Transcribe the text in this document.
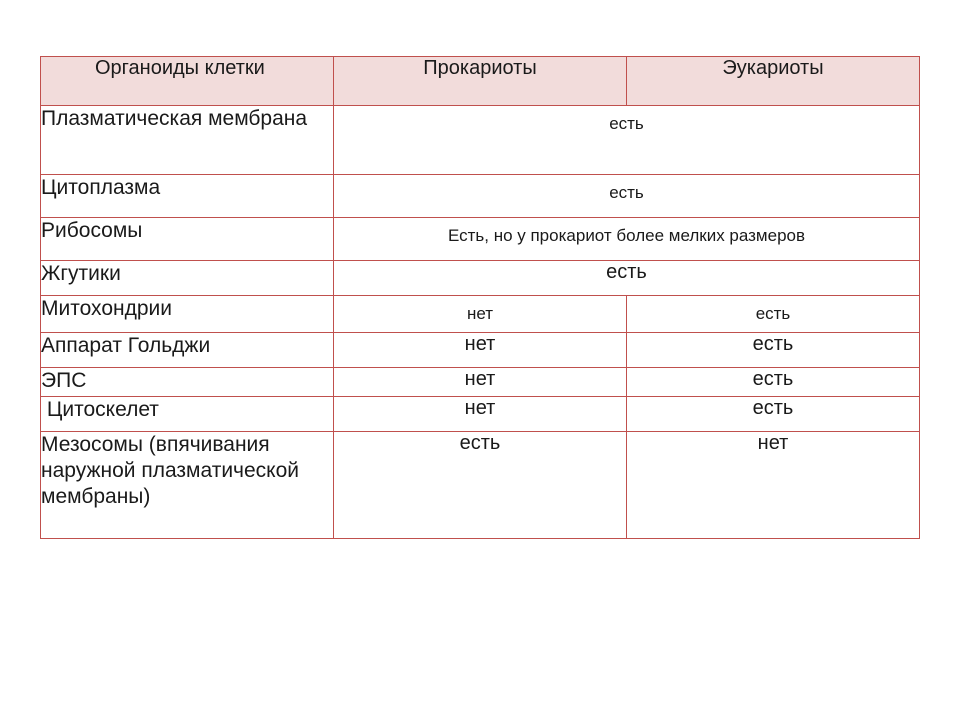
Органоиды клетки	Прокариоты	Эукариоты
Плазматическая мембрана	есть	
Цитоплазма	есть	
Рибосомы	Есть, но у прокариот более мелких размеров	
Жгутики	есть	
Митохондрии	нет	есть
Аппарат Гольджи	нет	есть
ЭПС	нет	есть
Цитоскелет	нет	есть
Мезосомы (впячивания наружной плазматической мембраны)	есть	нет
